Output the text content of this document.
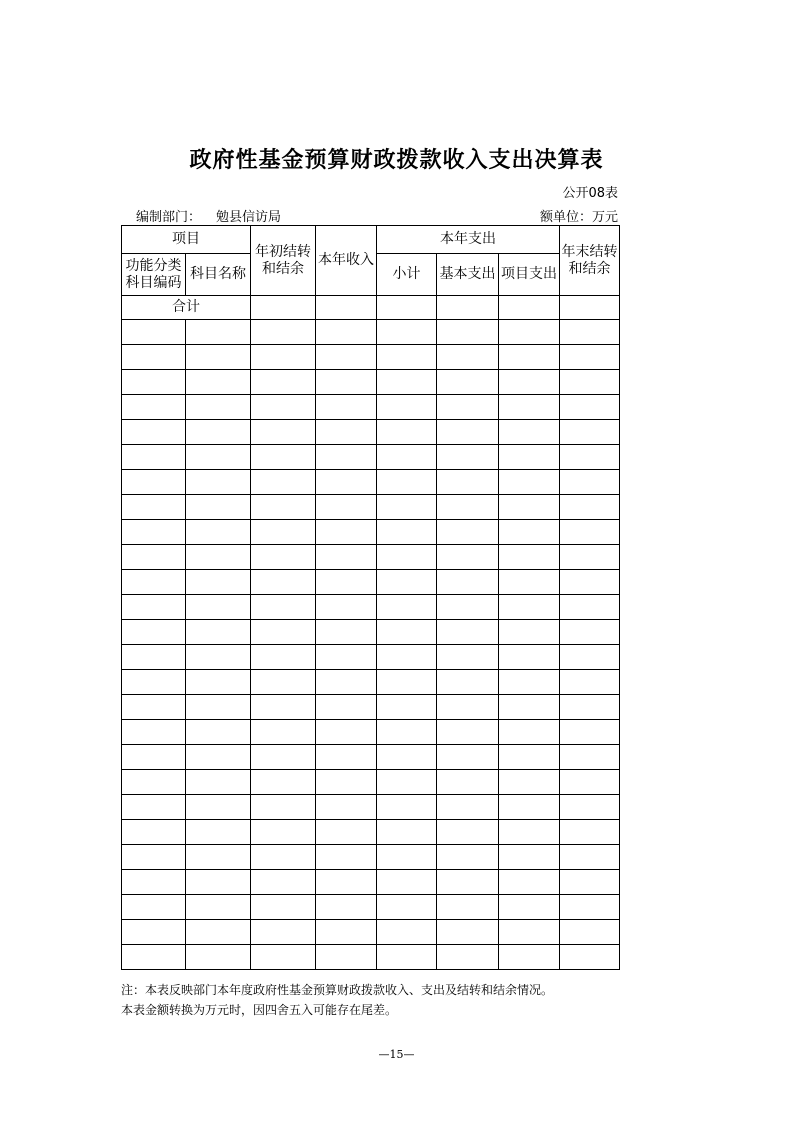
政府性基金预算财政拨款收入支出决算表
公开08表
编制部门： 勉县信访局	额单位：万元
项目		年初结转和结余	本年收入	本年支出			年末结转和结余

功能分类科目编码	科目名称			小计	基本支出	项目支出	

合计							

注：本表反映部门本年度政府性基金预算财政拨款收入、支出及结转和结余情况。
本表金额转换为万元时，因四舍五入可能存在尾差。
—15—
